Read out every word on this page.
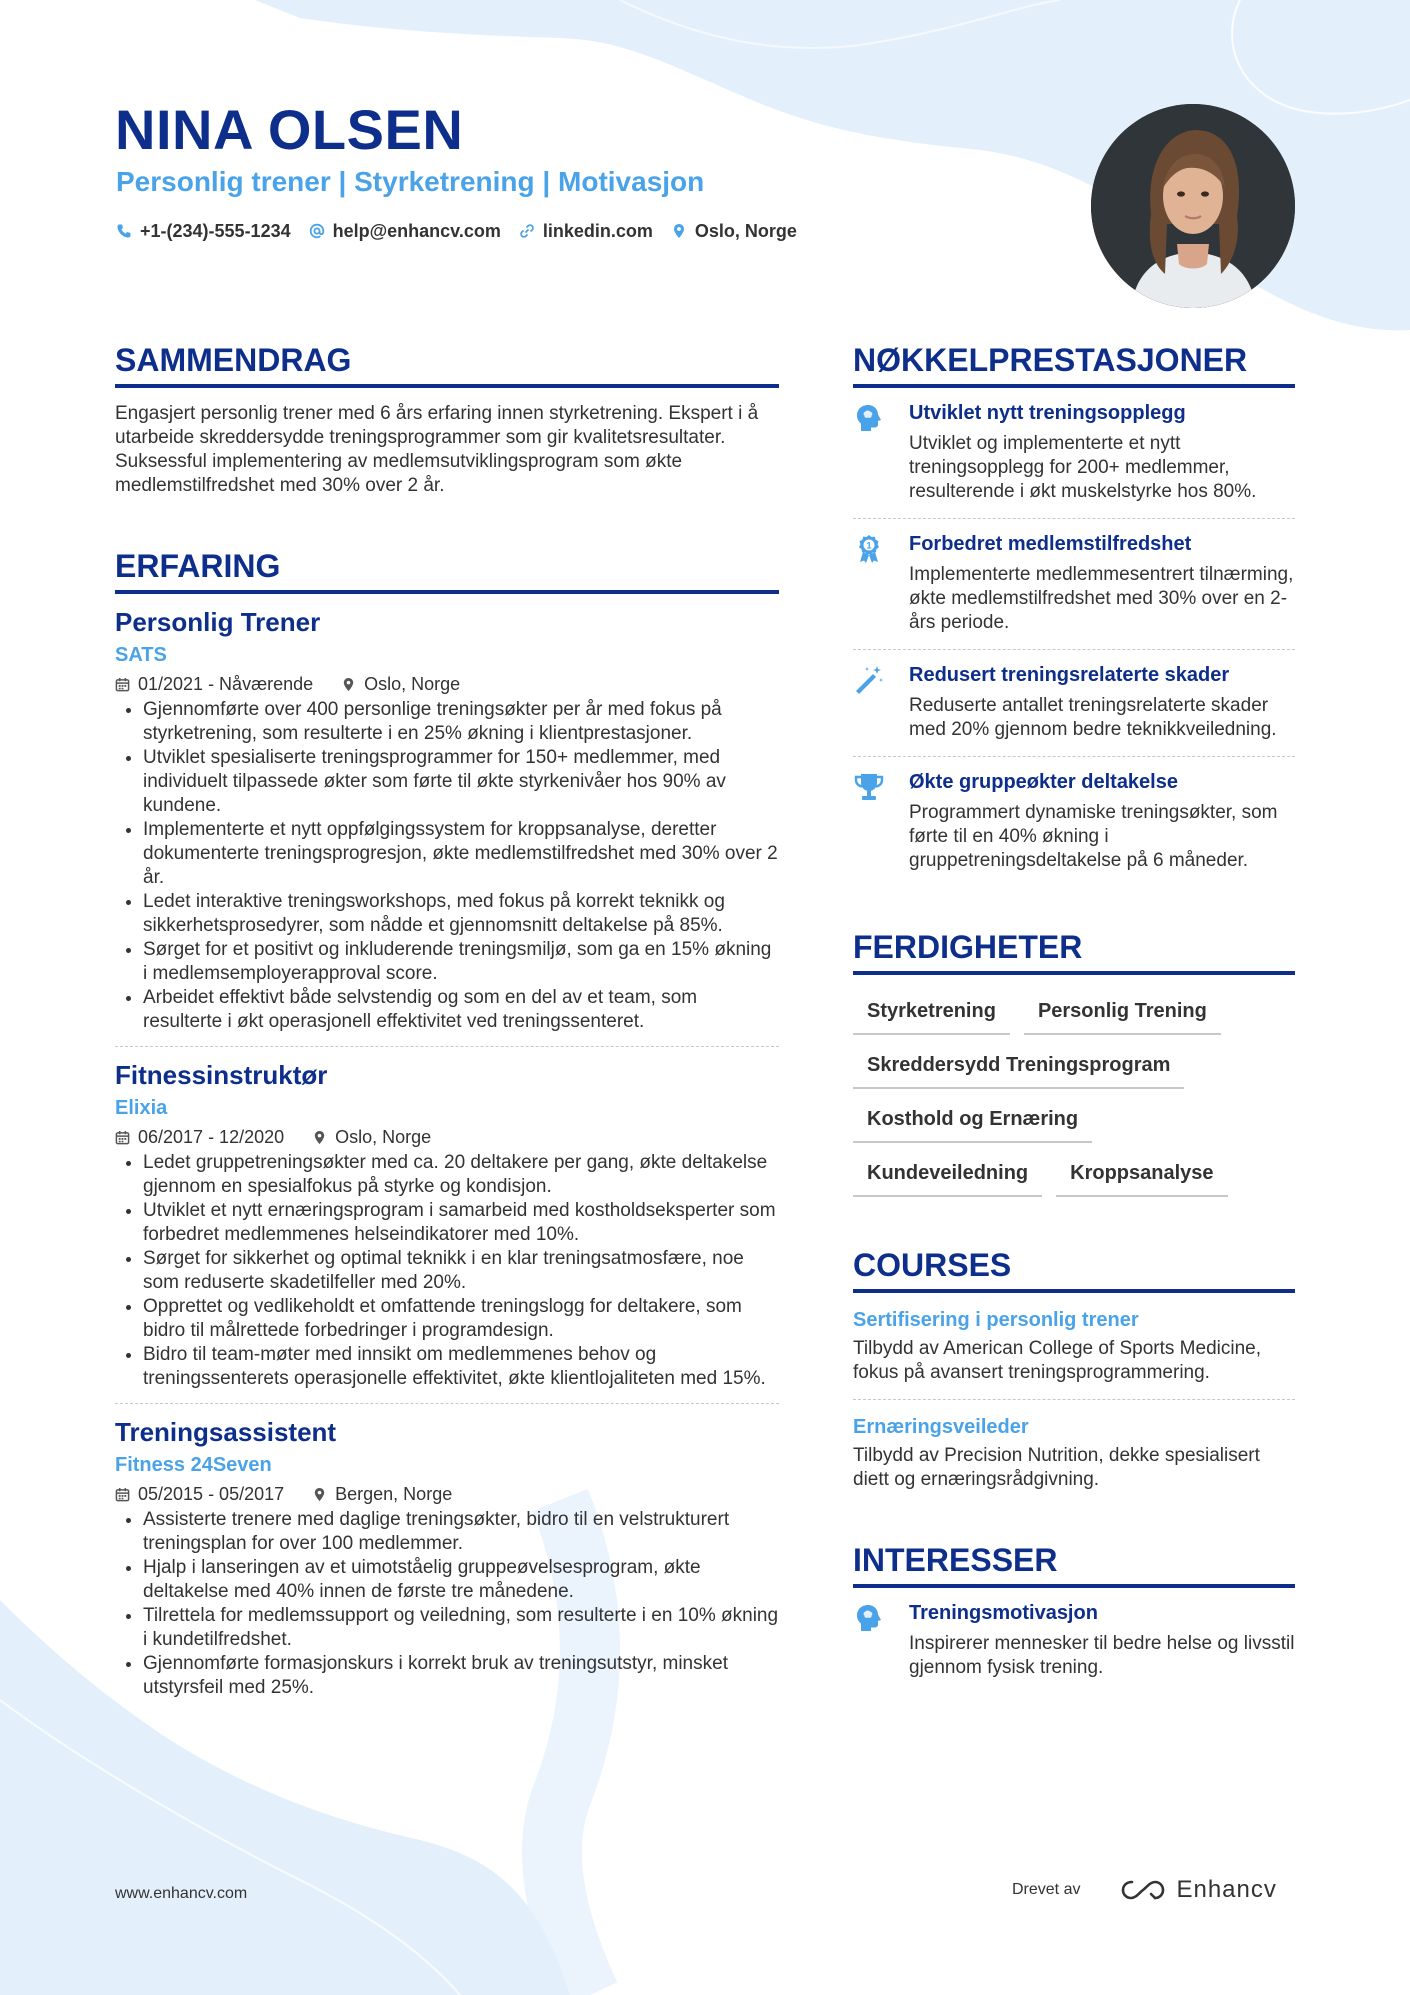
NINA OLSEN
Personlig trener | Styrketrening | Motivasjon
+1-(234)-555-1234 help@enhancv.com linkedin.com Oslo, Norge
SAMMENDRAG

Engasjert personlig trener med 6 års erfaring innen styrketrening. Ekspert i å utarbeide skreddersydde treningsprogrammer som gir kvalitetsresultater. Suksessful implementering av medlemsutviklingsprogram som økte medlemstilfredshet med 30% over 2 år.

ERFARING
Personlig Trener
SATS
01/2021 - Nåværende	Oslo, Norge
• Gjennomførte over 400 personlige treningsøkter per år med fokus på styrketrening, som resulterte i en 25% økning i klientprestasjoner.
• Utviklet spesialiserte treningsprogrammer for 150+ medlemmer, med individuelt tilpassede økter som førte til økte styrkenivåer hos 90% av kundene.
• Implementerte et nytt oppfølgingssystem for kroppsanalyse, deretter dokumenterte treningsprogresjon, økte medlemstilfredshet med 30% over 2 år.
• Ledet interaktive treningsworkshops, med fokus på korrekt teknikk og sikkerhetsprosedyrer, som nådde et gjennomsnitt deltakelse på 85%.
• Sørget for et positivt og inkluderende treningsmiljø, som ga en 15% økning i medlemsemployerapproval score.
• Arbeidet effektivt både selvstendig og som en del av et team, som resulterte i økt operasjonell effektivitet ved treningssenteret.
Fitnessinstruktør
Elixia
06/2017 - 12/2020	Oslo, Norge
• Ledet gruppetreningsøkter med ca. 20 deltakere per gang, økte deltakelse gjennom en spesialfokus på styrke og kondisjon.
• Utviklet et nytt ernæringsprogram i samarbeid med kostholdseksperter som forbedret medlemmenes helseindikatorer med 10%.
• Sørget for sikkerhet og optimal teknikk i en klar treningsatmosfære, noe som reduserte skadetilfeller med 20%.
• Opprettet og vedlikeholdt et omfattende treningslogg for deltakere, som bidro til målrettede forbedringer i programdesign.
• Bidro til team-møter med innsikt om medlemmenes behov og treningssenterets operasjonelle effektivitet, økte klientlojaliteten med 15%.
Treningsassistent
Fitness 24Seven
05/2015 - 05/2017	Bergen, Norge
• Assisterte trenere med daglige treningsøkter, bidro til en velstrukturert treningsplan for over 100 medlemmer.
• Hjalp i lanseringen av et uimotståelig gruppeøvelsesprogram, økte deltakelse med 40% innen de første tre månedene.
• Tilrettela for medlemssupport og veiledning, som resulterte i en 10% økning i kundetilfredshet.
• Gjennomførte formasjonskurs i korrekt bruk av treningsutstyr, minsket utstyrsfeil med 25%.
NØKKELPRESTASJONER
Utviklet nytt treningsopplegg

Utviklet og implementerte et nytt treningsopplegg for 200+ medlemmer, resulterende i økt muskelstyrke hos 80%.

1 Forbedret medlemstilfredshet

Implementerte medlemmesentrert tilnærming, økte medlemstilfredshet med 30% over en 2-års periode.

Redusert treningsrelaterte skader

Reduserte antallet treningsrelaterte skader med 20% gjennom bedre teknikkveiledning.

Økte gruppeøkter deltakelse

Programmert dynamiske treningsøkter, som førte til en 40% økning i gruppetreningsdeltakelse på 6 måneder.

FERDIGHETER
Styrketrening	Personlig Trening
Skreddersydd Treningsprogram
Kosthold og Ernæring
Kundeveiledning	Kroppsanalyse
COURSES
Sertifisering i personlig trener

Tilbydd av American College of Sports Medicine, fokus på avansert treningsprogrammering.

Ernæringsveileder

Tilbydd av Precision Nutrition, dekke spesialisert diett og ernæringsrådgivning.

INTERESSER
Treningsmotivasjon

Inspirerer mennesker til bedre helse og livsstil gjennom fysisk trening.

www.enhancv.com	Drevet av	Enhancv
